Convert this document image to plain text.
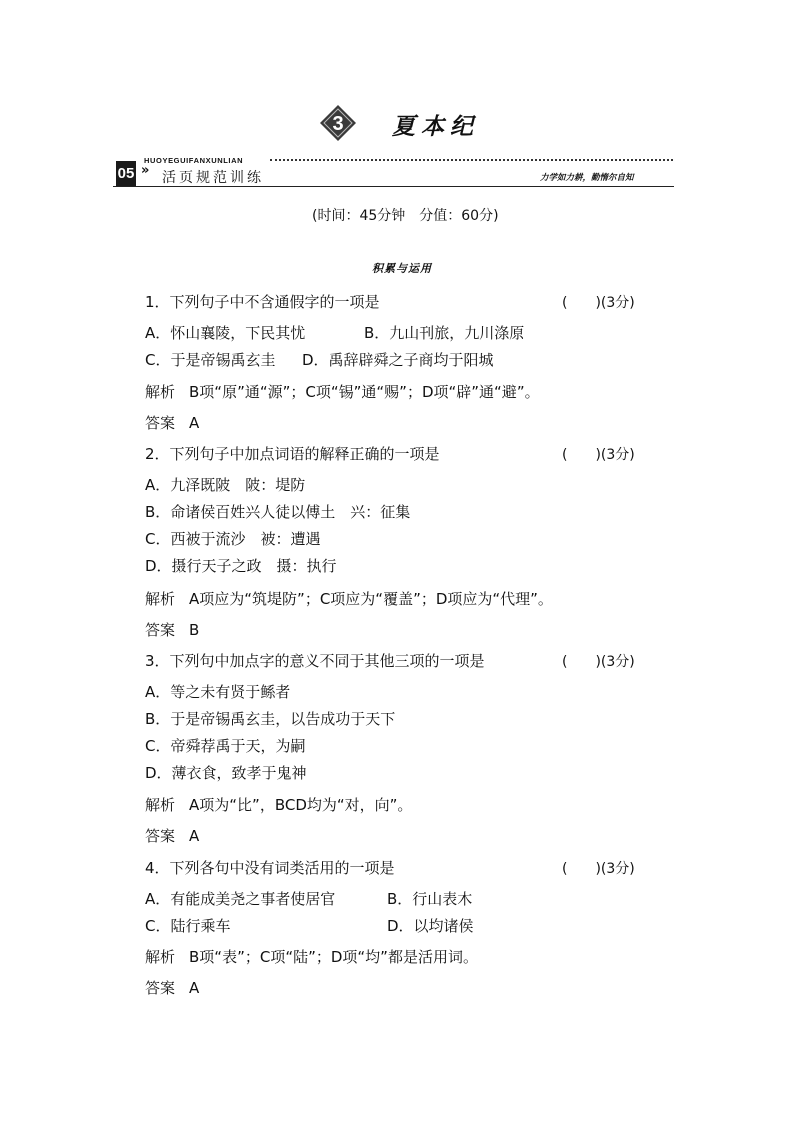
3 夏本纪
05 »
HUOYEGUIFANXUNLIAN
活页规范训练	力学如力耕，勤惰尔自知
(时间：45分钟　分值：60分)
积累与运用
1．下列句子中不含通假字的一项是	(　　)(3分)
A．怀山襄陵，下民其忧	B．九山刊旅，九川涤原
C．于是帝锡禹玄圭 D．禹辞辟舜之子商均于阳城
解析 B项“原”通“源”；C项“锡”通“赐”；D项“辟”通“避”。
答案 A
2．下列句子中加点词语的解释正确的一项是	(　　)(3分)
A．九泽既陂　陂：堤防
B．命诸侯百姓兴人徒以傅土　兴：征集
C．西被于流沙　被：遭遇
D．摄行天子之政　摄：执行
解析 A项应为“筑堤防”；C项应为“覆盖”；D项应为“代理”。
答案 B
3．下列句中加点字的意义不同于其他三项的一项是	(　　)(3分)
A．等之未有贤于鲧者
B．于是帝锡禹玄圭，以告成功于天下
C．帝舜荐禹于天，为嗣
D．薄衣食，致孝于鬼神
解析 A项为“比”，BCD均为“对，向”。
答案 A
4．下列各句中没有词类活用的一项是	(　　)(3分)
A．有能成美尧之事者使居官	B．行山表木
C．陆行乘车	D．以均诸侯
解析 B项“表”；C项“陆”；D项“均”都是活用词。
答案 A
